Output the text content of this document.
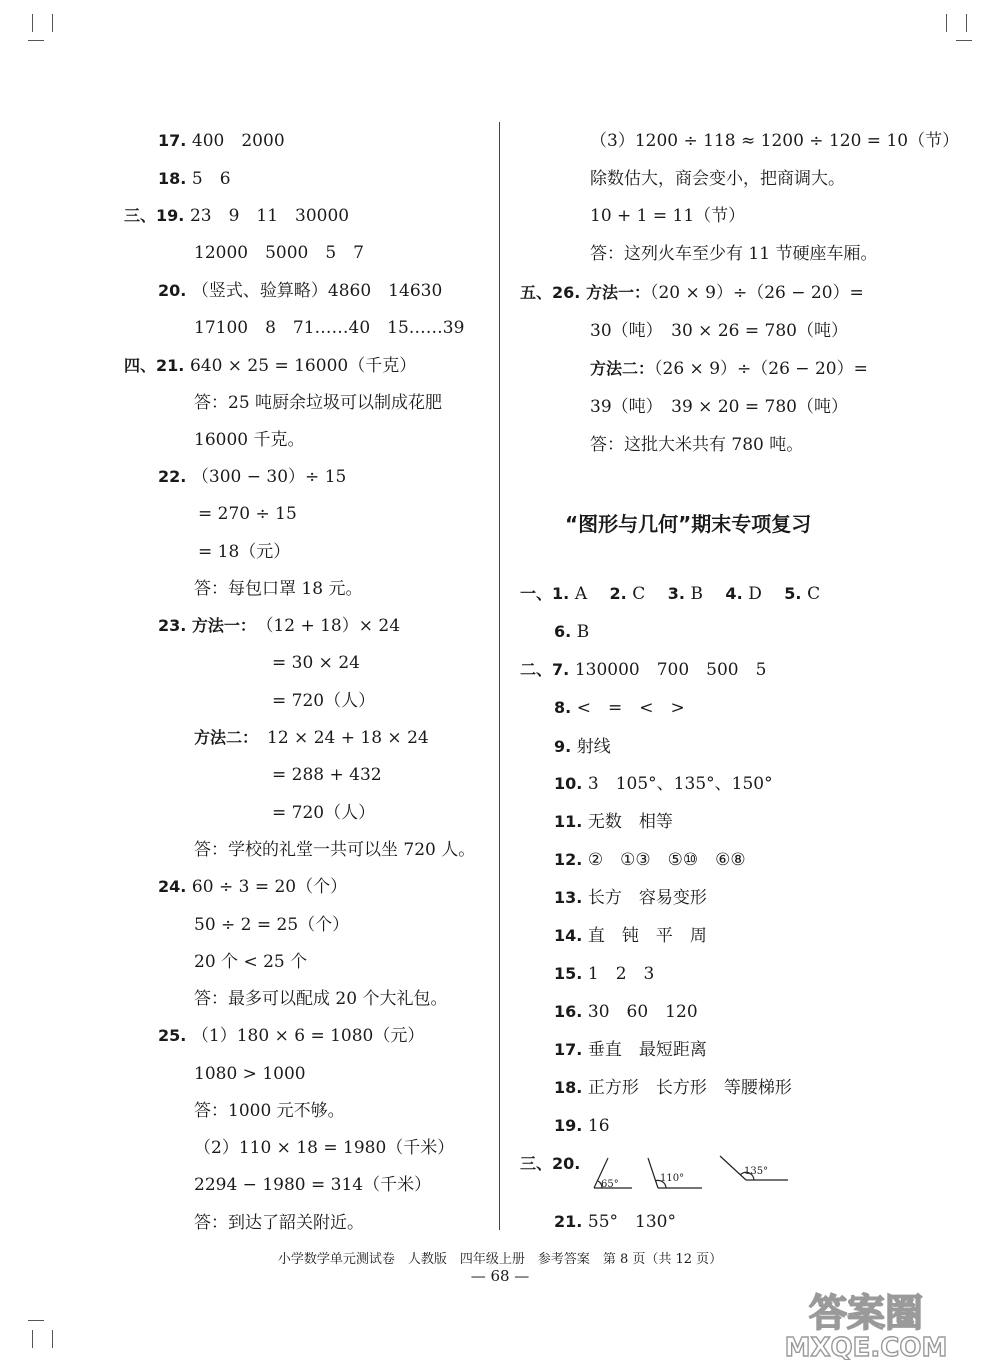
17. 400　2000
18. 5　6
三、19. 23　9　11　30000
12000　5000　5　7
20. （竖式、验算略）4860　14630
17100　8　71……40　15……39
四、21. 640 × 25 = 16000（千克）
答：25 吨厨余垃圾可以制成花肥
16000 千克。
22. （300 − 30）÷ 15
= 270 ÷ 15
= 18（元）
答：每包口罩 18 元。
23. 方法一：　 （12 + 18）× 24
= 30 × 24
= 720（人）
方法二：　 12 × 24 + 18 × 24
= 288 + 432
= 720（人）
答：学校的礼堂一共可以坐 720 人。
24. 60 ÷ 3 = 20（个）
50 ÷ 2 = 25（个）
20 个 < 25 个
答：最多可以配成 20 个大礼包。
25. （1）180 × 6 = 1080（元）
1080 > 1000
答：1000 元不够。
（2）110 × 18 = 1980（千米）
2294 − 1980 = 314（千米）
答：到达了韶关附近。
（3）1200 ÷ 118 ≈ 1200 ÷ 120 = 10（节）
除数估大，商会变小，把商调大。
10 + 1 = 11（节）
答：这列火车至少有 11 节硬座车厢。
五、26. 方法一：（20 × 9）÷（26 − 20）=
30（吨）　30 × 26 = 780（吨）
方法二：（26 × 9）÷（26 − 20）=
39（吨）　39 × 20 = 780（吨）
答：这批大米共有 780 吨。
“图形与几何”期末专项复习
一、1. A 　 2. C 　 3. B 　 4. D 　 5. C
6. B
二、7. 130000　700　500　5
8. <　=　<　>
9. 射线
10. 3　105°、135°、150°
11. 无数　相等
12. ②　①③　⑤⑩　⑥⑧
13. 长方　容易变形
14. 直　钝　平　周
15. 1　2　3
16. 30　60　120
17. 垂直　最短距离
18. 正方形　长方形　等腰梯形
19. 16
三、20.
65°
110°
135°
21. 55°　130°
小学数学单元测试卷　人教版　四年级上册　参考答案　第 8 页（共 12 页）
— 68 —
答案圈
MXQE.COM
